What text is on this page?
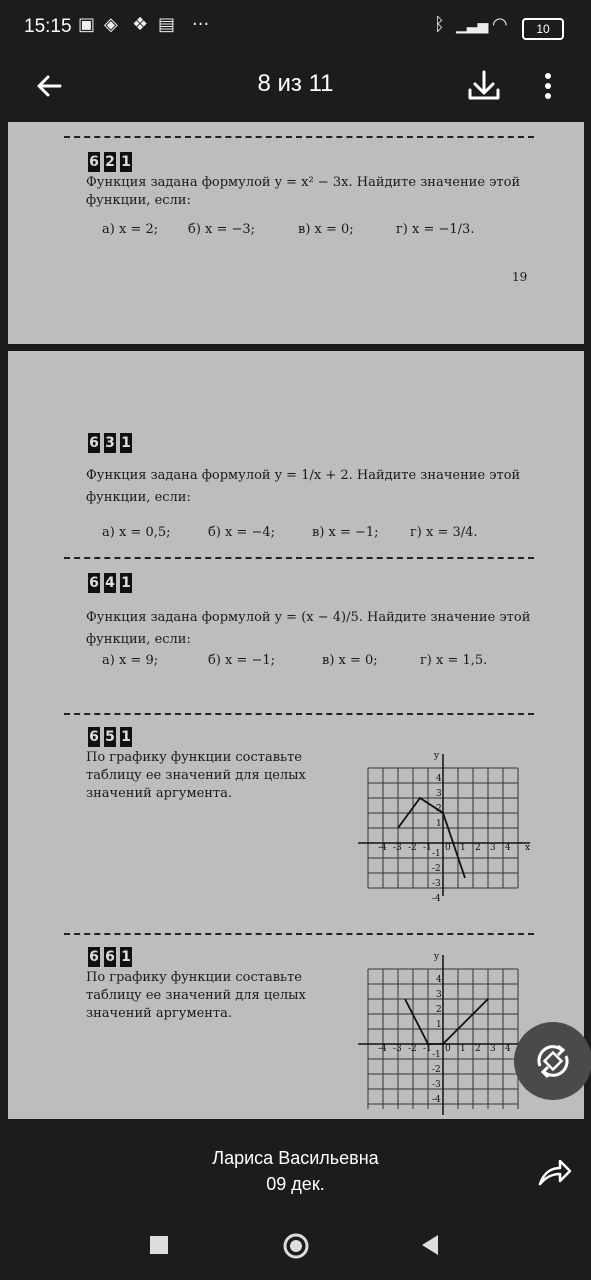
15:15 ▣ ◈ ❖ ▤ ···	ᛒ ▁▃▅ ◠	10
8 из 11
6 2 1
Функция задана формулой y = x² − 3x. Найдите значение этой функции, если:
а) x = 2; б) x = −3;	в) x = 0;	г) x = −1/3.
19
6 3 1
Функция задана формулой y = 1/x + 2. Найдите значение этой функции, если:
а) x = 0,5;	б) x = −4;	в) x = −1; г) x = 3/4.
6 4 1
Функция задана формулой y = (x − 4)/5. Найдите значение этой функции, если:
а) x = 9;	б) x = −1;	в) x = 0;	г) x = 1,5.
6 5 1
По графику функции составьте таблицу ее значений для целых значений аргумента.
-4 -3 -2 -1 0 1 2 3 4 x
y
4
3
2
1
-1
-2
-3
-4
6 6 1
По графику функции составьте таблицу ее значений для целых значений аргумента.
-4 -3 -2 -1 0 1 2 3 4
y
4
3
2
1
-1
-2
-3
-4
Лариса Васильевна
09 дек.
